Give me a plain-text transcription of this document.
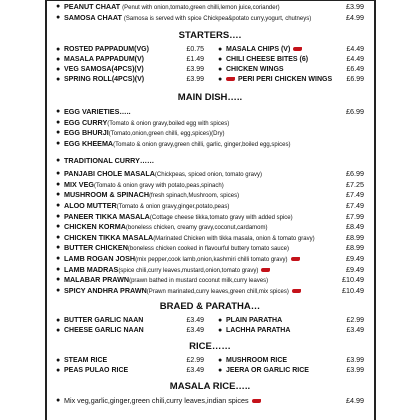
● PEANUT CHAAT (Penut with onion,tomato,green chilli,lemon juice,coriander)	£3.99
● SAMOSA CHAAT (Samosa is served with spice Chickpea&potato curry,yogurt, chutneys)	£4.99
STARTERS….
● ROSTED PAPPADUM(VG)	£0.75 ● MASALA CHIPS (V)	£4.49
● MASALA PAPPADUM(V)	£1.49 ● CHILI CHEESE BITES (6)	£4.49
● VEG SAMOSA(4PCS)(V)	£3.99 ● CHICKEN WINGS	£6.49
● SPRING ROLL(4PCS)(V)	£3.99 ●	PERI PERI CHICKEN WINGS £6.99
MAIN DISH…..
● EGG VARIETIES…..	£6.99
● EGG CURRY(Tomato & onion gravy,boiled egg with spices)
● EGG BHURJI(Tomato,onion,green chilli, egg,spices)(Dry)
● EGG KHEEMA(Tomato & onion gravy,green chilli, garlic, ginger,boiled egg,spices)
● TRADITIONAL CURRY……
● PANJABI CHOLE MASALA(Chickpeas, spiced onion, tomato gravy)	£6.99
● MIX VEG(Tomato & onion gravy with potato,peas,spinach)	£7.25
● MUSHROOM & SPINACH(fresh spinach,Mushroom, spices)	£7.49
● ALOO MUTTER(Tomato & onion gravy,ginger,potato,peas)	£7.49
● PANEER TIKKA MASALA(Cottage cheese tikka,tomato gravy with added spice)	£7.99
● CHICKEN KORMA(boneless chicken, creamy gravy,coconut,cardamom)	£8.49
● CHICKEN TIKKA MASALA(Marinated Chicken with tikka masala, onion & tomato gravy)	£8.99
● BUTTER CHICKEN(boneless chicken cooked in flavourful buttery tomato sauce)	£8.99
● LAMB ROGAN JOSH(mix pepper,cook lamb,onion,kashmiri chilli tomato gravy)	£9.49
● LAMB MADRAS(spice chili,curry leaves,mustard,onion,tomato gravy)	£9.49
● MALABAR PRAWN(prawn bathed in mustard coconut milk,curry leaves)	£10.49
● SPICY ANDHRA PRAWN(Prawn marinated,curry leaves,green chill,mix spices)	£10.49
BRAED & PARATHA…
● BUTTER GARLIC NAAN	£3.49 ● PLAIN PARATHA	£2.99
● CHEESE GARLIC NAAN	£3.49 ● LACHHA PARATHA	£3.49
RICE……
● STEAM RICE	£2.99 ● MUSHROOM RICE	£3.99
● PEAS PULAO RICE	£3.49 ● JEERA OR GARLIC RICE	£3.99
MASALA RICE…..
● Mix veg,garlic,ginger,green chili,curry leaves,indian spices	£4.99
